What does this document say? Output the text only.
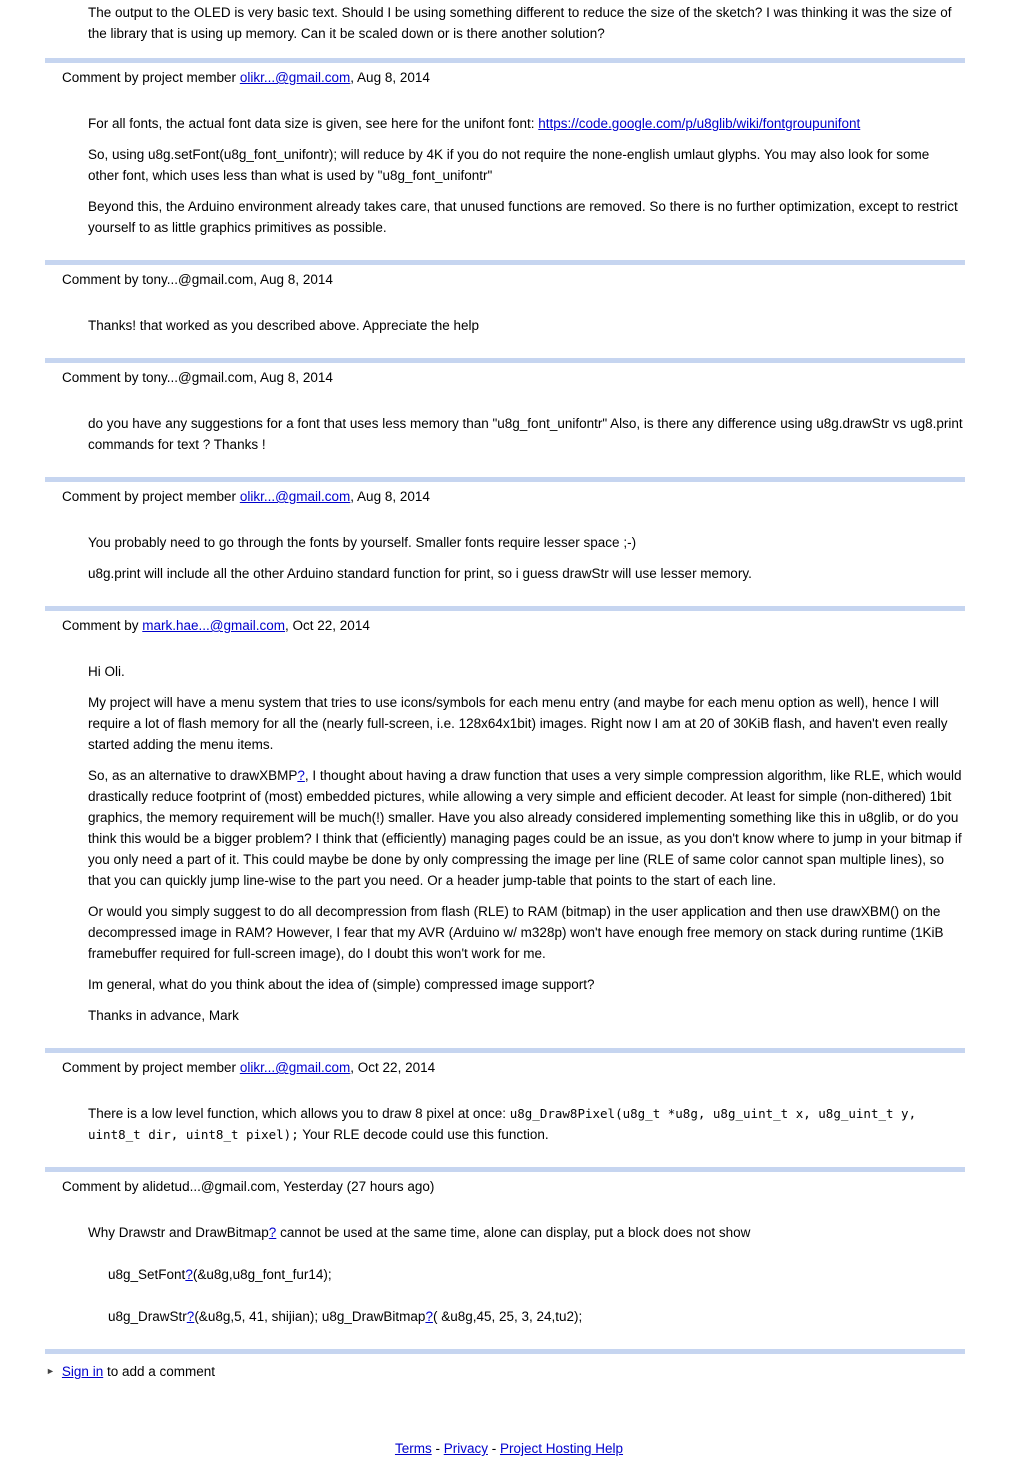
The output to the OLED is very basic text. Should I be using something different to reduce the size of the sketch? I was thinking it was the size of the library that is using up memory. Can it be scaled down or is there another solution?
Comment by project member olikr...@gmail.com, Aug 8, 2014
For all fonts, the actual font data size is given, see here for the unifont font: https://code.google.com/p/u8glib/wiki/fontgroupunifont
So, using u8g.setFont(u8g_font_unifontr); will reduce by 4K if you do not require the none-english umlaut glyphs. You may also look for some other font, which uses less than what is used by "u8g_font_unifontr"
Beyond this, the Arduino environment already takes care, that unused functions are removed. So there is no further optimization, except to restrict yourself to as little graphics primitives as possible.
Comment by tony...@gmail.com, Aug 8, 2014
Thanks! that worked as you described above. Appreciate the help
Comment by tony...@gmail.com, Aug 8, 2014
do you have any suggestions for a font that uses less memory than "u8g_font_unifontr" Also, is there any difference using u8g.drawStr vs ug8.print commands for text ? Thanks !
Comment by project member olikr...@gmail.com, Aug 8, 2014
You probably need to go through the fonts by yourself. Smaller fonts require lesser space ;-)
u8g.print will include all the other Arduino standard function for print, so i guess drawStr will use lesser memory.
Comment by mark.hae...@gmail.com, Oct 22, 2014
Hi Oli.
My project will have a menu system that tries to use icons/symbols for each menu entry (and maybe for each menu option as well), hence I will require a lot of flash memory for all the (nearly full-screen, i.e. 128x64x1bit) images. Right now I am at 20 of 30KiB flash, and haven't even really started adding the menu items.
So, as an alternative to drawXBMP?, I thought about having a draw function that uses a very simple compression algorithm, like RLE, which would drastically reduce footprint of (most) embedded pictures, while allowing a very simple and efficient decoder. At least for simple (non-dithered) 1bit graphics, the memory requirement will be much(!) smaller. Have you also already considered implementing something like this in u8glib, or do you think this would be a bigger problem? I think that (efficiently) managing pages could be an issue, as you don't know where to jump in your bitmap if you only need a part of it. This could maybe be done by only compressing the image per line (RLE of same color cannot span multiple lines), so that you can quickly jump line-wise to the part you need. Or a header jump-table that points to the start of each line.
Or would you simply suggest to do all decompression from flash (RLE) to RAM (bitmap) in the user application and then use drawXBM() on the decompressed image in RAM? However, I fear that my AVR (Arduino w/ m328p) won't have enough free memory on stack during runtime (1KiB framebuffer required for full-screen image), do I doubt this won't work for me.
Im general, what do you think about the idea of (simple) compressed image support?
Thanks in advance, Mark
Comment by project member olikr...@gmail.com, Oct 22, 2014
There is a low level function, which allows you to draw 8 pixel at once: u8g_Draw8Pixel(u8g_t *u8g, u8g_uint_t x, u8g_uint_t y, uint8_t dir, uint8_t pixel); Your RLE decode could use this function.
Comment by alidetud...@gmail.com, Yesterday (27 hours ago)
Why Drawstr and DrawBitmap? cannot be used at the same time, alone can display, put a block does not show
u8g_SetFont?(&u8g,u8g_font_fur14);
u8g_DrawStr?(&u8g,5, 41, shijian); u8g_DrawBitmap?( &u8g,45, 25, 3, 24,tu2);
► Sign in to add a comment
Terms - Privacy - Project Hosting Help
